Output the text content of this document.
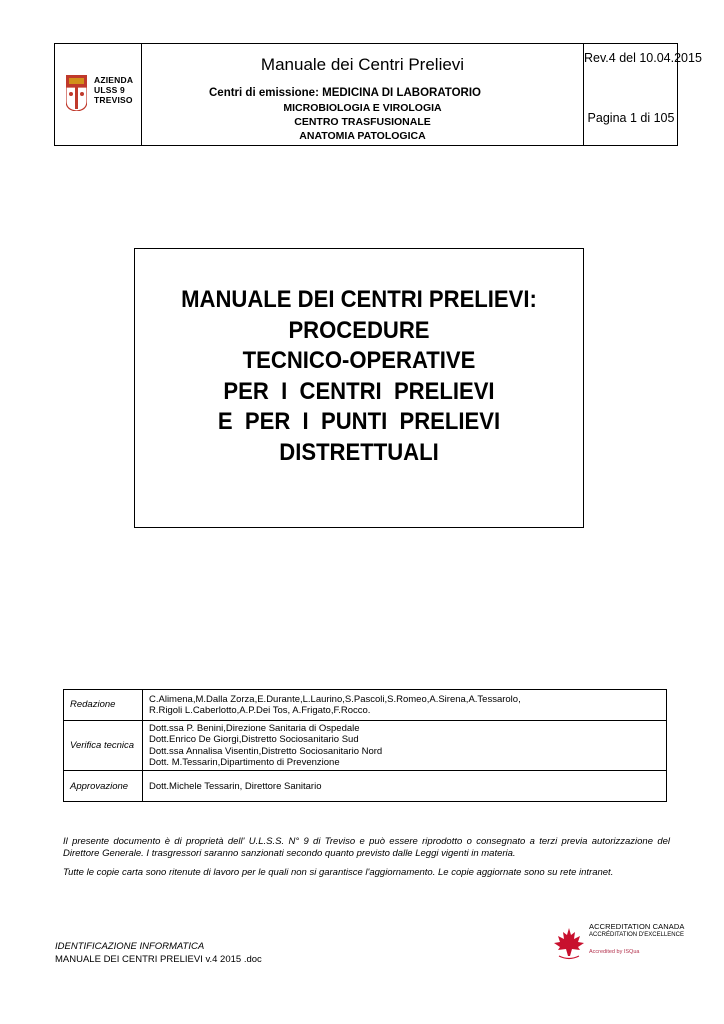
AZIENDA
ULSS 9
TREVISO
Manuale dei Centri Prelievi
Centri di emissione: MEDICINA DI LABORATORIO
MICROBIOLOGIA E VIROLOGIA
CENTRO TRASFUSIONALE
ANATOMIA PATOLOGICA
Rev.4 del 10.04.2015
Pagina 1 di 105
MANUALE DEI CENTRI PRELIEVI:
PROCEDURE
TECNICO-OPERATIVE
PER  I  CENTRI  PRELIEVI
E  PER  I  PUNTI  PRELIEVI
DISTRETTUALI
Redazione	C.Alimena,M.Dalla Zorza,E.Durante,L.Laurino,S.Pascoli,S.Romeo,A.Sirena,A.Tessarolo,
R.Rigoli L.Caberlotto,A.P.Dei Tos, A.Frigato,F.Rocco.

Verifica tecnica	Dott.ssa P. Benini,Direzione Sanitaria di Ospedale
Dott.Enrico De Giorgi,Distretto Sociosanitario Sud
Dott.ssa Annalisa Visentin,Distretto Sociosanitario Nord
Dott. M.Tessarin,Dipartimento di Prevenzione

Approvazione	Dott.Michele Tessarin, Direttore Sanitario

Il presente documento è di proprietà dell' U.L.S.S. N° 9 di Treviso e può essere riprodotto o consegnato a terzi previa autorizzazione del Direttore Generale. I trasgressori saranno sanzionati secondo quanto previsto dalle Leggi vigenti in materia.

Tutte le copie carta sono ritenute di lavoro per le quali non si garantisce l'aggiornamento. Le copie aggiornate sono su rete intranet.

IDENTIFICAZIONE INFORMATICA
MANUALE DEI CENTRI PRELIEVI v.4 2015 .doc
ACCREDITATION CANADA
ACCRÉDITATION D'EXCELLENCE
Accredited by ISQua
